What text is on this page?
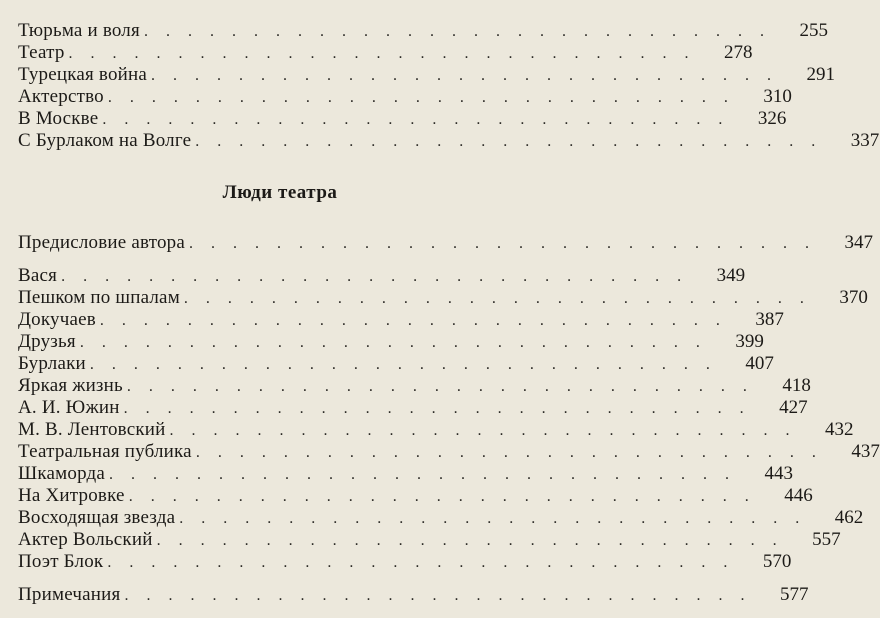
Тюрьма и воля ............................. 255
Театр ............................. 278
Турецкая война ............................. 291
Актерство ............................. 310
В Москве ............................. 326
С Бурлаком на Волге ............................. 337
Люди театра
Предисловие автора ............................. 347
Вася ............................. 349
Пешком по шпалам ............................. 370
Докучаев ............................. 387
Друзья ............................. 399
Бурлаки ............................. 407
Яркая жизнь ............................. 418
А. И. Южин ............................. 427
М. В. Лентовский ............................. 432
Театральная публика ............................. 437
Шкаморда ............................. 443
На Хитровке ............................. 446
Восходящая звезда ............................. 462
Актер Вольский ............................. 557
Поэт Блок ............................. 570
Примечания ............................. 577
